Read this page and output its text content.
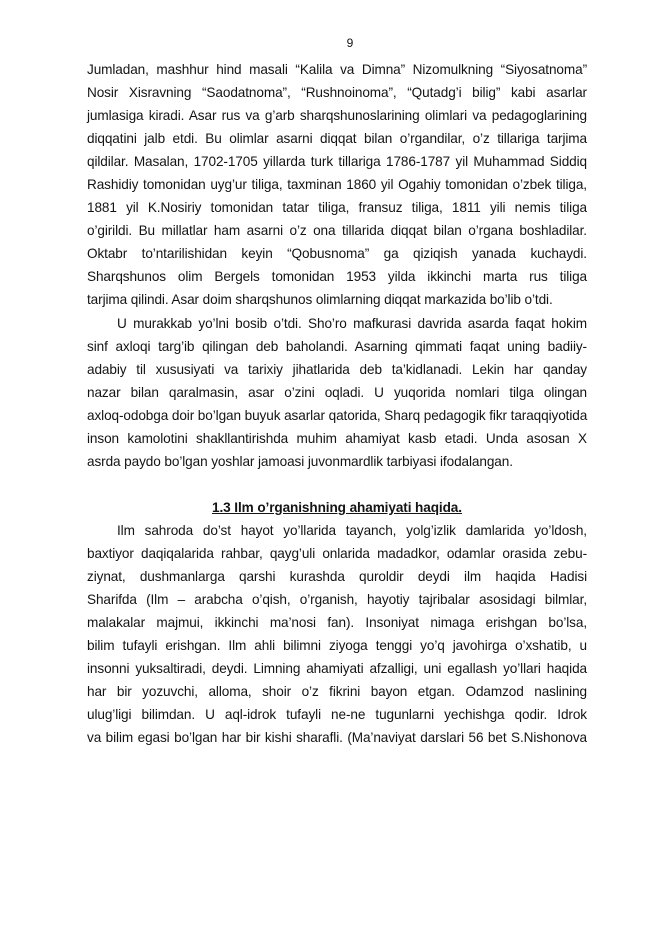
9
Jumladan, mashhur hind masali “Kalila va Dimna” Nizomulkning “Siyosatnoma”
Nosir Xisravning “Saodatnoma”, “Rushnoinoma”, “Qutadg’i bilig” kabi asarlar
jumlasiga kiradi. Asar rus va g’arb sharqshunoslarining olimlari va pedagoglarining
diqqatini jalb etdi. Bu olimlar asarni diqqat bilan o’rgandilar, o’z tillariga tarjima
qildilar. Masalan, 1702-1705 yillarda turk tillariga 1786-1787 yil Muhammad Siddiq
Rashidiy tomonidan uyg’ur tiliga, taxminan 1860 yil Ogahiy tomonidan o’zbek tiliga,
1881 yil K.Nosiriy tomonidan tatar tiliga, fransuz tiliga, 1811 yili nemis tiliga
o’girildi. Bu millatlar ham asarni o’z ona tillarida diqqat bilan o’rgana boshladilar.
Oktabr to’ntarilishidan keyin “Qobusnoma” ga qiziqish yanada kuchaydi.
Sharqshunos olim Bergels tomonidan 1953 yilda ikkinchi marta rus tiliga
tarjima qilindi. Asar doim sharqshunos olimlarning diqqat markazida bo’lib o’tdi.
U murakkab yo’lni bosib o’tdi. Sho’ro mafkurasi davrida asarda faqat hokim
sinf axloqi targ’ib qilingan deb baholandi. Asarning qimmati faqat uning badiiy-
adabiy til xususiyati va tarixiy jihatlarida deb ta’kidlanadi. Lekin har qanday
nazar bilan qaralmasin, asar o’zini oqladi. U yuqorida nomlari tilga olingan
axloq-odobga doir bo’lgan buyuk asarlar qatorida, Sharq pedagogik fikr taraqqiyotida
inson kamolotini shakllantirishda muhim ahamiyat kasb etadi. Unda asosan X
asrda paydo bo’lgan yoshlar jamoasi juvonmardlik tarbiyasi ifodalangan.
1.3 Ilm o’rganishning ahamiyati haqida.
Ilm sahroda do’st hayot yo’llarida tayanch, yolg’izlik damlarida yo’ldosh,
baxtiyor daqiqalarida rahbar, qayg’uli onlarida madadkor, odamlar orasida zebu-
ziynat, dushmanlarga qarshi kurashda quroldir deydi ilm haqida Hadisi
Sharifda (Ilm – arabcha o’qish, o’rganish, hayotiy tajribalar asosidagi bilmlar,
malakalar majmui, ikkinchi ma’nosi fan). Insoniyat nimaga erishgan bo’lsa,
bilim tufayli erishgan. Ilm ahli bilimni ziyoga tenggi yo’q javohirga o’xshatib, u
insonni yuksaltiradi, deydi. Limning ahamiyati afzalligi, uni egallash yo’llari haqida
har bir yozuvchi, alloma, shoir o’z fikrini bayon etgan. Odamzod naslining
ulug’ligi bilimdan. U aql-idrok tufayli ne-ne tugunlarni yechishga qodir. Idrok
va bilim egasi bo’lgan har bir kishi sharafli. (Ma’naviyat darslari 56 bet S.Nishonova
